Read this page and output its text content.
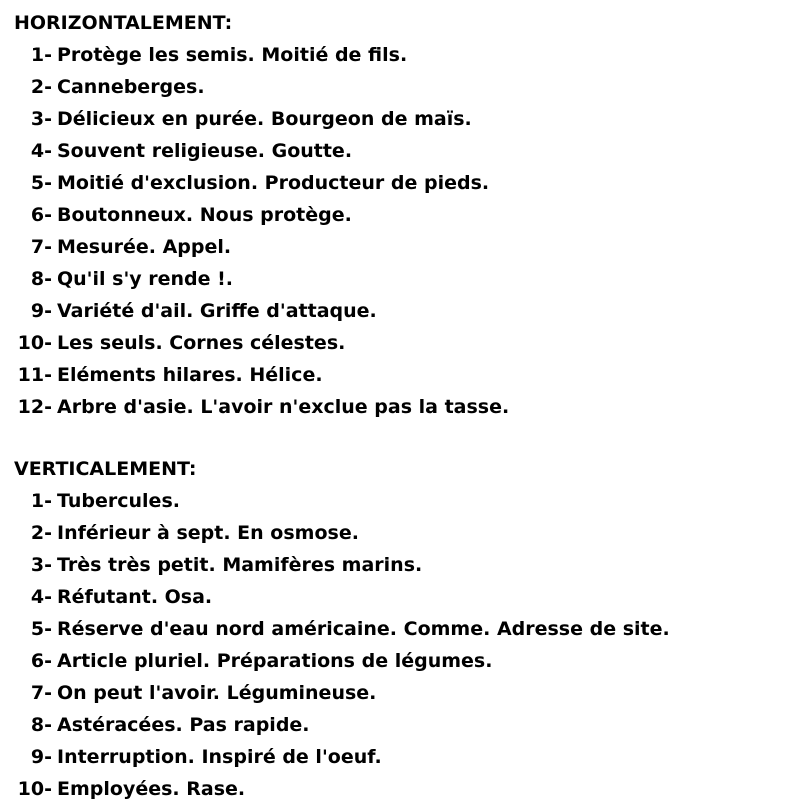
HORIZONTALEMENT:
1- Protège les semis. Moitié de fils.
2- Canneberges.
3- Délicieux en purée. Bourgeon de maïs.
4- Souvent religieuse. Goutte.
5- Moitié d'exclusion. Producteur de pieds.
6- Boutonneux. Nous protège.
7- Mesurée. Appel.
8- Qu'il s'y rende !.
9- Variété d'ail. Griffe d'attaque.
10- Les seuls. Cornes célestes.
11- Eléments hilares. Hélice.
12- Arbre d'asie. L'avoir n'exclue pas la tasse.
VERTICALEMENT:
1- Tubercules.
2- Inférieur à sept. En osmose.
3- Très très petit. Mamifères marins.
4- Réfutant. Osa.
5- Réserve d'eau nord américaine. Comme. Adresse de site.
6- Article pluriel. Préparations de légumes.
7- On peut l'avoir. Légumineuse.
8- Astéracées. Pas rapide.
9- Interruption. Inspiré de l'oeuf.
10- Employées. Rase.
